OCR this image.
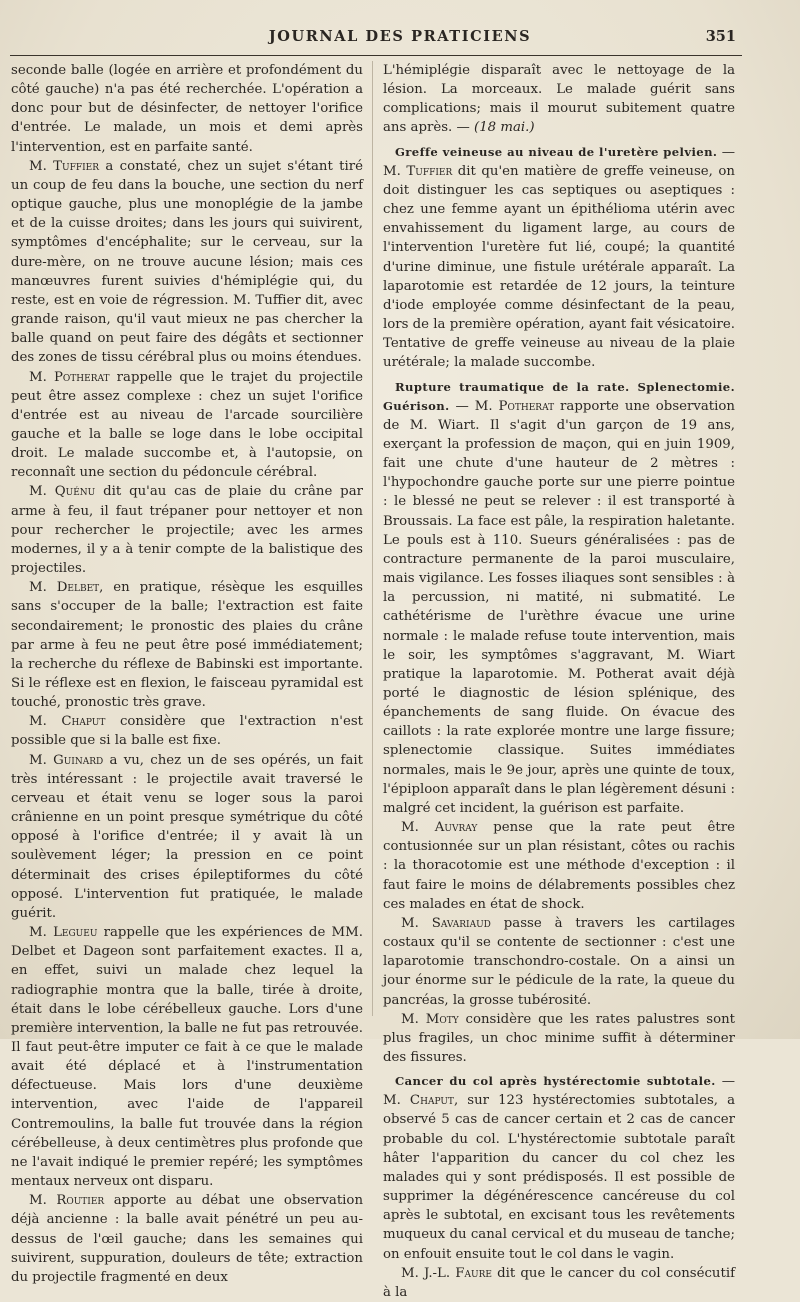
JOURNAL DES PRATICIENS	351

seconde balle (logée en arrière et profondément du côté gauche) n'a pas été recherchée. L'opération a donc pour but de désinfecter, de nettoyer l'orifice d'entrée. Le malade, un mois et demi après l'intervention, est en parfaite santé.

M. Tuffier a constaté, chez un sujet s'étant tiré un coup de feu dans la bouche, une section du nerf optique gauche, plus une monoplégie de la jambe et de la cuisse droites; dans les jours qui suivirent, symptômes d'encéphalite; sur le cerveau, sur la dure-mère, on ne trouve aucune lésion; mais ces manœuvres furent suivies d'hémiplégie qui, du reste, est en voie de régression. M. Tuffier dit, avec grande raison, qu'il vaut mieux ne pas chercher la balle quand on peut faire des dégâts et sectionner des zones de tissu cérébral plus ou moins étendues.

M. Potherat rappelle que le trajet du projectile peut être assez complexe : chez un sujet l'orifice d'entrée est au niveau de l'arcade sourcilière gauche et la balle se loge dans le lobe occipital droit. Le malade succombe et, à l'autopsie, on reconnaît une section du pédoncule cérébral.

M. Quénu dit qu'au cas de plaie du crâne par arme à feu, il faut trépaner pour nettoyer et non pour rechercher le projectile; avec les armes modernes, il y a à tenir compte de la balistique des projectiles.

M. Delbet, en pratique, résèque les esquilles sans s'occuper de la balle; l'extraction est faite secondairement; le pronostic des plaies du crâne par arme à feu ne peut être posé immédiatement; la recherche du réflexe de Babinski est importante. Si le réflexe est en flexion, le faisceau pyramidal est touché, pronostic très grave.

M. Chaput considère que l'extraction n'est possible que si la balle est fixe.

M. Guinard a vu, chez un de ses opérés, un fait très intéressant : le projectile avait traversé le cerveau et était venu se loger sous la paroi crânienne en un point presque symétrique du côté opposé à l'orifice d'entrée; il y avait là un soulèvement léger; la pression en ce point déterminait des crises épileptiformes du côté opposé. L'intervention fut pratiquée, le malade guérit.

M. Legueu rappelle que les expériences de MM. Delbet et Dageon sont parfaitement exactes. Il a, en effet, suivi un malade chez lequel la radiographie montra que la balle, tirée à droite, était dans le lobe cérébelleux gauche. Lors d'une première intervention, la balle ne fut pas retrouvée. Il faut peut-être imputer ce fait à ce que le malade avait été déplacé et à l'instrumentation défectueuse. Mais lors d'une deuxième intervention, avec l'aide de l'appareil Contremoulins, la balle fut trouvée dans la région cérébelleuse, à deux centimètres plus profonde que ne l'avait indiqué le premier repéré; les symptômes mentaux nerveux ont disparu.

M. Routier apporte au débat une observation déjà ancienne : la balle avait pénétré un peu au-dessus de l'œil gauche; dans les semaines qui suivirent, suppuration, douleurs de tête; extraction du projectile fragmenté en deux

L'hémiplégie disparaît avec le nettoyage de la lésion. La morceaux. Le malade guérit sans complications; mais il mourut subitement quatre ans après. — (18 mai.)

Greffe veineuse au niveau de l'uretère pelvien. — M. Tuffier dit qu'en matière de greffe veineuse, on doit distinguer les cas septiques ou aseptiques : chez une femme ayant un épithélioma utérin avec envahissement du ligament large, au cours de l'intervention l'uretère fut lié, coupé; la quantité d'urine diminue, une fistule urétérale apparaît. La laparotomie est retardée de 12 jours, la teinture d'iode employée comme désinfectant de la peau, lors de la première opération, ayant fait vésicatoire. Tentative de greffe veineuse au niveau de la plaie urétérale; la malade succombe.

Rupture traumatique de la rate. Splenectomie. Guérison. — M. Potherat rapporte une observation de M. Wiart. Il s'agit d'un garçon de 19 ans, exerçant la profession de maçon, qui en juin 1909, fait une chute d'une hauteur de 2 mètres : l'hypochondre gauche porte sur une pierre pointue : le blessé ne peut se relever : il est transporté à Broussais. La face est pâle, la respiration haletante. Le pouls est à 110. Sueurs généralisées : pas de contracture permanente de la paroi musculaire, mais vigilance. Les fosses iliaques sont sensibles : à la percussion, ni matité, ni submatité. Le cathétérisme de l'urèthre évacue une urine normale : le malade refuse toute intervention, mais le soir, les symptômes s'aggravant, M. Wiart pratique la laparotomie. M. Potherat avait déjà porté le diagnostic de lésion splénique, des épanchements de sang fluide. On évacue des caillots : la rate explorée montre une large fissure; splenectomie classique. Suites immédiates normales, mais le 9e jour, après une quinte de toux, l'épiploon apparaît dans le plan légèrement désuni : malgré cet incident, la guérison est parfaite.

M. Auvray pense que la rate peut être contusionnée sur un plan résistant, côtes ou rachis : la thoracotomie est une méthode d'exception : il faut faire le moins de délabrements possibles chez ces malades en état de shock.

M. Savariaud passe à travers les cartilages costaux qu'il se contente de sectionner : c'est une laparotomie transchondro-costale. On a ainsi un jour énorme sur le pédicule de la rate, la queue du pancréas, la grosse tubérosité.

M. Moty considère que les rates palustres sont plus fragiles, un choc minime suffit à déterminer des fissures.

Cancer du col après hystérectomie subtotale. — M. Chaput, sur 123 hystérectomies subtotales, a observé 5 cas de cancer certain et 2 cas de cancer probable du col. L'hystérectomie subtotale paraît hâter l'apparition du cancer du col chez les malades qui y sont prédisposés. Il est possible de supprimer la dégénérescence cancéreuse du col après le subtotal, en excisant tous les revêtements muqueux du canal cervical et du museau de tanche; on enfouit ensuite tout le col dans le vagin.

M. J.-L. Faure dit que le cancer du col consécutif à la
